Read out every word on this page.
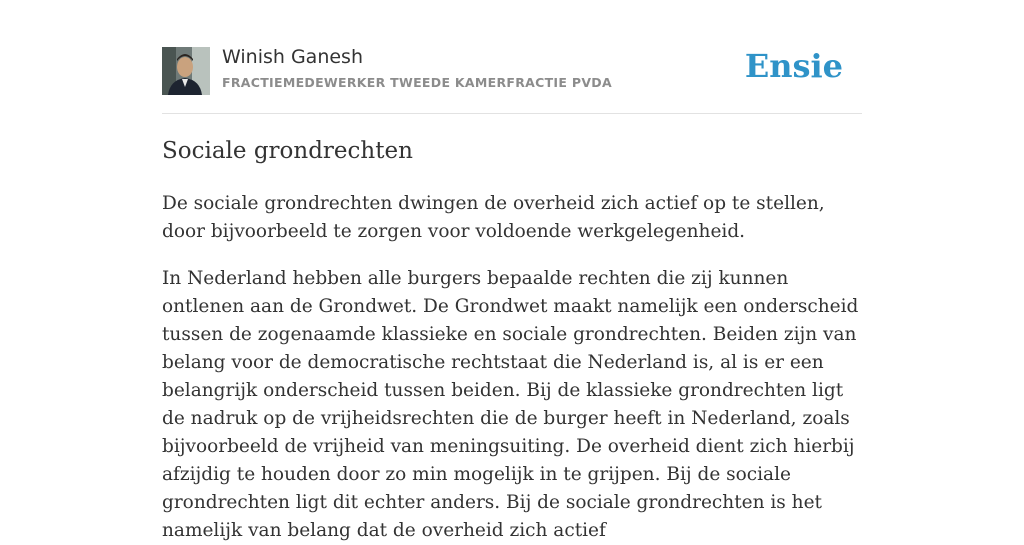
Winish Ganesh
FRACTIEMEDEWERKER TWEEDE KAMERFRACTIE PVDA	Ensie
Sociale grondrechten
De sociale grondrechten dwingen de overheid zich actief op te stellen, door bijvoorbeeld te zorgen voor voldoende werkgelegenheid.
In Nederland hebben alle burgers bepaalde rechten die zij kunnen ontlenen aan de Grondwet. De Grondwet maakt namelijk een onderscheid tussen de zogenaamde klassieke en sociale grondrechten. Beiden zijn van belang voor de democratische rechtstaat die Nederland is, al is er een belangrijk onderscheid tussen beiden. Bij de klassieke grondrechten ligt de nadruk op de vrijheidsrechten die de burger heeft in Nederland, zoals bijvoorbeeld de vrijheid van meningsuiting. De overheid dient zich hierbij afzijdig te houden door zo min mogelijk in te grijpen. Bij de sociale grondrechten ligt dit echter anders. Bij de sociale grondrechten is het namelijk van belang dat de overheid zich actief
